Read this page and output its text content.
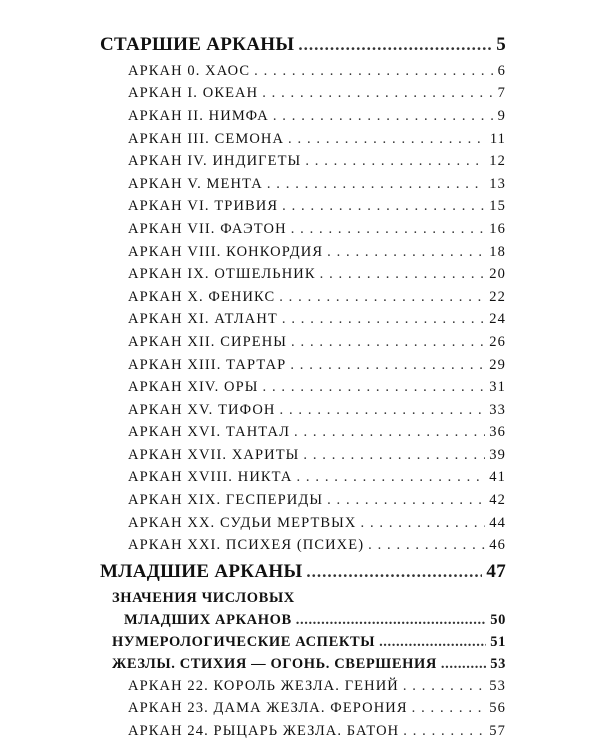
СТАРШИЕ АРКАНЫ .....	5
АРКАН 0. ХАОС . . .	6
АРКАН I. ОКЕАН . . .	7
АРКАН II. НИМФА . . .	9
АРКАН III. СЕМОНА . . .	11
АРКАН IV. ИНДИГЕТЫ . . .	12
АРКАН V. МЕНТА . . .	13
АРКАН VI. ТРИВИЯ . . .	15
АРКАН VII. ФАЭТОН . . .	16
АРКАН VIII. КОНКОРДИЯ . . .	18
АРКАН IX. ОТШЕЛЬНИК . . .	20
АРКАН X. ФЕНИКС . . .	22
АРКАН XI. АТЛАНТ . . .	24
АРКАН XII. СИРЕНЫ . . .	26
АРКАН XIII. ТАРТАР . . .	29
АРКАН XIV. ОРЫ . . .	31
АРКАН XV. ТИФОН . . .	33
АРКАН XVI. ТАНТАЛ . . .	36
АРКАН XVII. ХАРИТЫ . . .	39
АРКАН XVIII. НИКТА . . .	41
АРКАН XIX. ГЕСПЕРИДЫ . . .	42
АРКАН XX. СУДЬИ МЕРТВЫХ . . .	44
АРКАН XXI. ПСИХЕЯ (ПСИХЕ) . . .	46
МЛАДШИЕ АРКАНЫ .....	47
ЗНАЧЕНИЯ ЧИСЛОВЫХ
МЛАДШИХ АРКАНОВ .....	50
НУМЕРОЛОГИЧЕСКИЕ АСПЕКТЫ .....	51
ЖЕЗЛЫ. СТИХИЯ — ОГОНЬ. СВЕРШЕНИЯ .....	53
АРКАН 22. КОРОЛЬ ЖЕЗЛА. ГЕНИЙ . . .	53
АРКАН 23. ДАМА ЖЕЗЛА. ФЕРОНИЯ . . .	56
АРКАН 24. РЫЦАРЬ ЖЕЗЛА. БАТОН . . .	57
